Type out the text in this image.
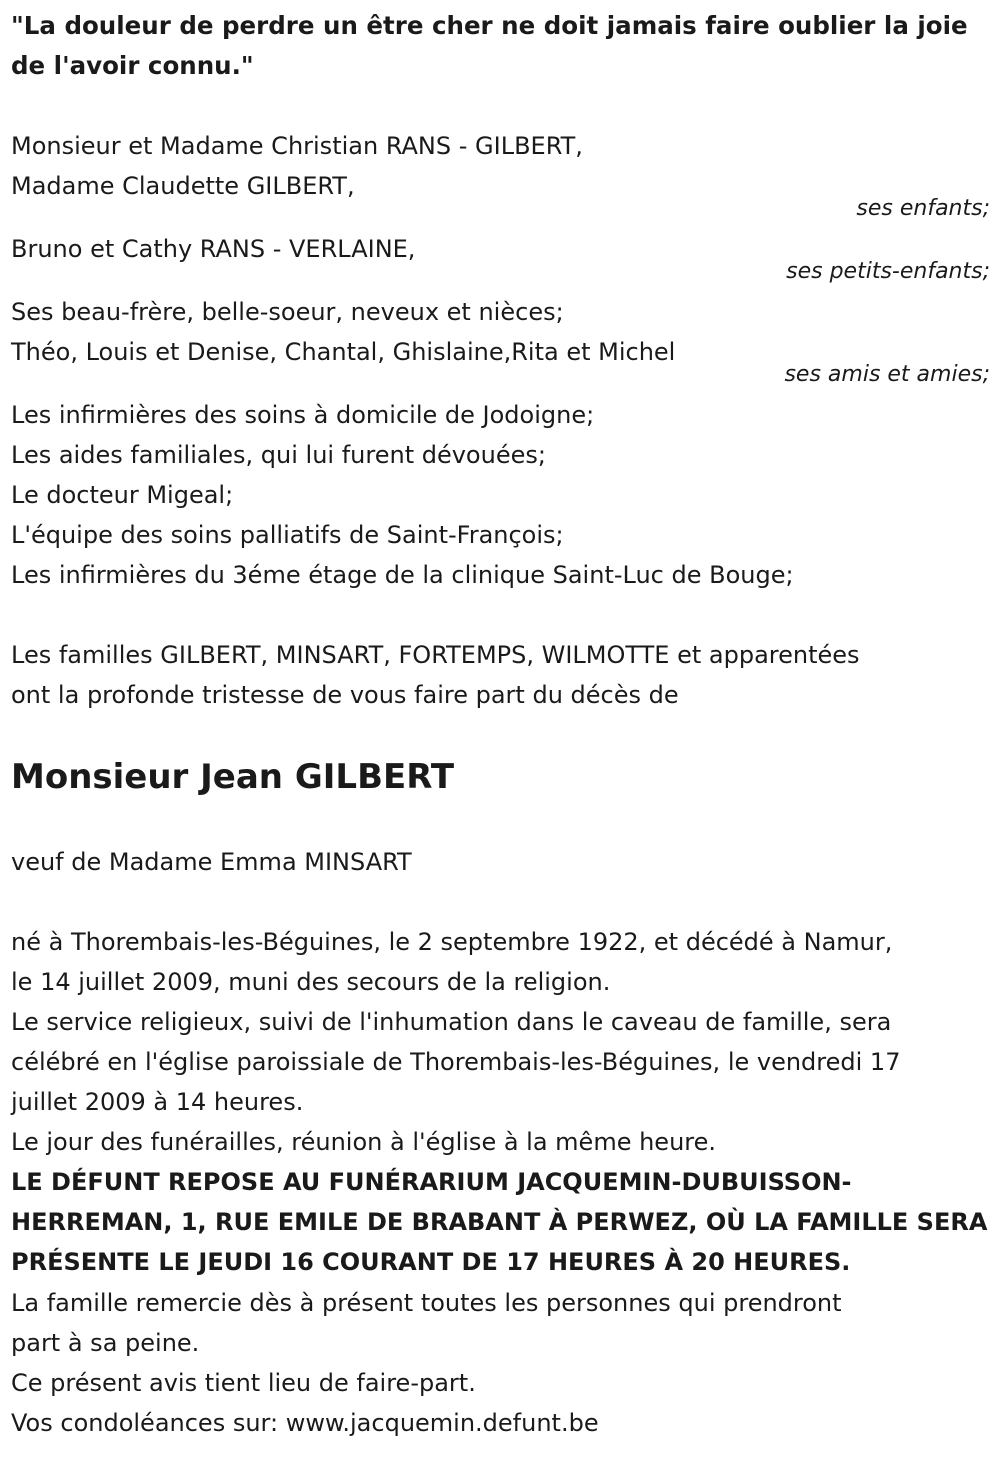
"La douleur de perdre un être cher ne doit jamais faire oublier la joie
de l'avoir connu."
Monsieur et Madame Christian RANS - GILBERT,
Madame Claudette GILBERT,
ses enfants;
Bruno et Cathy RANS - VERLAINE,
ses petits-enfants;
Ses beau-frère, belle-soeur, neveux et nièces;
Théo, Louis et Denise, Chantal, Ghislaine,Rita et Michel
ses amis et amies;
Les infirmières des soins à domicile de Jodoigne;
Les aides familiales, qui lui furent dévouées;
Le docteur Migeal;
L'équipe des soins palliatifs de Saint-François;
Les infirmières du 3éme étage de la clinique Saint-Luc de Bouge;
Les familles GILBERT, MINSART, FORTEMPS, WILMOTTE et apparentées
ont la profonde tristesse de vous faire part du décès de
Monsieur Jean GILBERT
veuf de Madame Emma MINSART
né à Thorembais-les-Béguines, le 2 septembre 1922, et décédé à Namur,
le 14 juillet 2009, muni des secours de la religion.
Le service religieux, suivi de l'inhumation dans le caveau de famille, sera
célébré en l'église paroissiale de Thorembais-les-Béguines, le vendredi 17
juillet 2009 à 14 heures.
Le jour des funérailles, réunion à l'église à la même heure.
LE DÉFUNT REPOSE AU FUNÉRARIUM JACQUEMIN-DUBUISSON-
HERREMAN, 1, RUE EMILE DE BRABANT À PERWEZ, OÙ LA FAMILLE SERA
PRÉSENTE LE JEUDI 16 COURANT DE 17 HEURES À 20 HEURES.
La famille remercie dès à présent toutes les personnes qui prendront
part à sa peine.
Ce présent avis tient lieu de faire-part.
Vos condoléances sur: www.jacquemin.defunt.be
